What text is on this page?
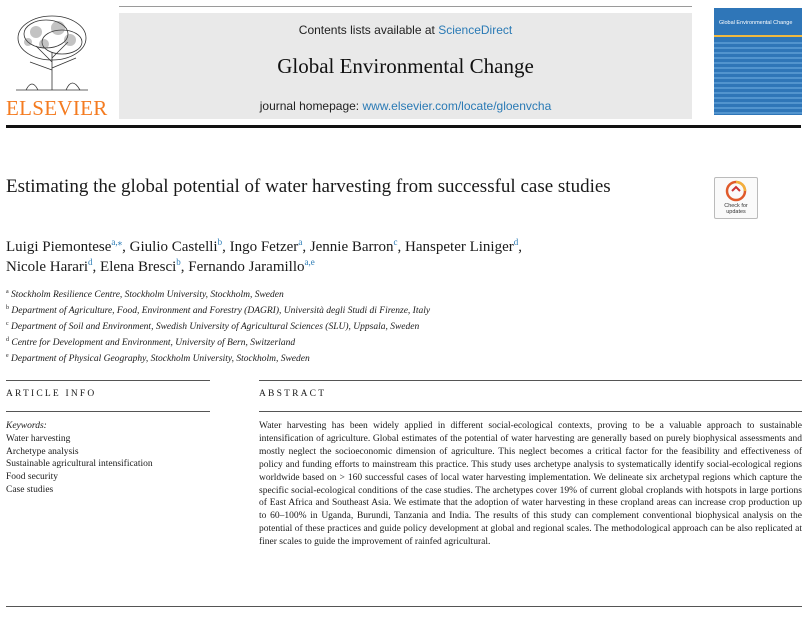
ELSEVIER
Contents lists available at ScienceDirect
Global Environmental Change
journal homepage: www.elsevier.com/locate/gloenvcha
Global Environmental Change
Estimating the global potential of water harvesting from successful case studies
Check for updates
Luigi Piemontese$^{a,⁎}$, Giulio Castelli$^b$, Ingo Fetzer$^a$, Jennie Barron$^c$, Hanspeter Liniger$^d$,
Nicole Harari$^d$, Elena Bresci$^b$, Fernando Jaramillo$^{a,e}$
$^a$ Stockholm Resilience Centre, Stockholm University, Stockholm, Sweden
$^b$ Department of Agriculture, Food, Environment and Forestry (DAGRI), Università degli Studi di Firenze, Italy
$^c$ Department of Soil and Environment, Swedish University of Agricultural Sciences (SLU), Uppsala, Sweden
$^d$ Centre for Development and Environment, University of Bern, Switzerland
$^e$ Department of Physical Geography, Stockholm University, Stockholm, Sweden
ARTICLE INFO	ABSTRACT
Keywords:
Water harvesting
Archetype analysis
Sustainable agricultural intensification
Food security
Case studies
Water harvesting has been widely applied in different social-ecological contexts, proving to be a valuable approach to sustainable intensification of agriculture. Global estimates of the potential of water harvesting are generally based on purely biophysical assessments and mostly neglect the socioeconomic dimension of agriculture. This neglect becomes a critical factor for the feasibility and effectiveness of policy and funding efforts to mainstream this practice. This study uses archetype analysis to systematically identify social-ecological regions worldwide based on > 160 successful cases of local water harvesting implementation. We delineate six archetypal regions which capture the specific social-ecological conditions of the case studies. The archetypes cover 19% of current global croplands with hotspots in large portions of East Africa and Southeast Asia. We estimate that the adoption of water harvesting in these cropland areas can increase crop production up to 60–100% in Uganda, Burundi, Tanzania and India. The results of this study can complement conventional biophysical analysis on the potential of these practices and guide policy development at global and regional scales. The methodological approach can be also replicated at finer scales to guide the improvement of rainfed agricultural.
